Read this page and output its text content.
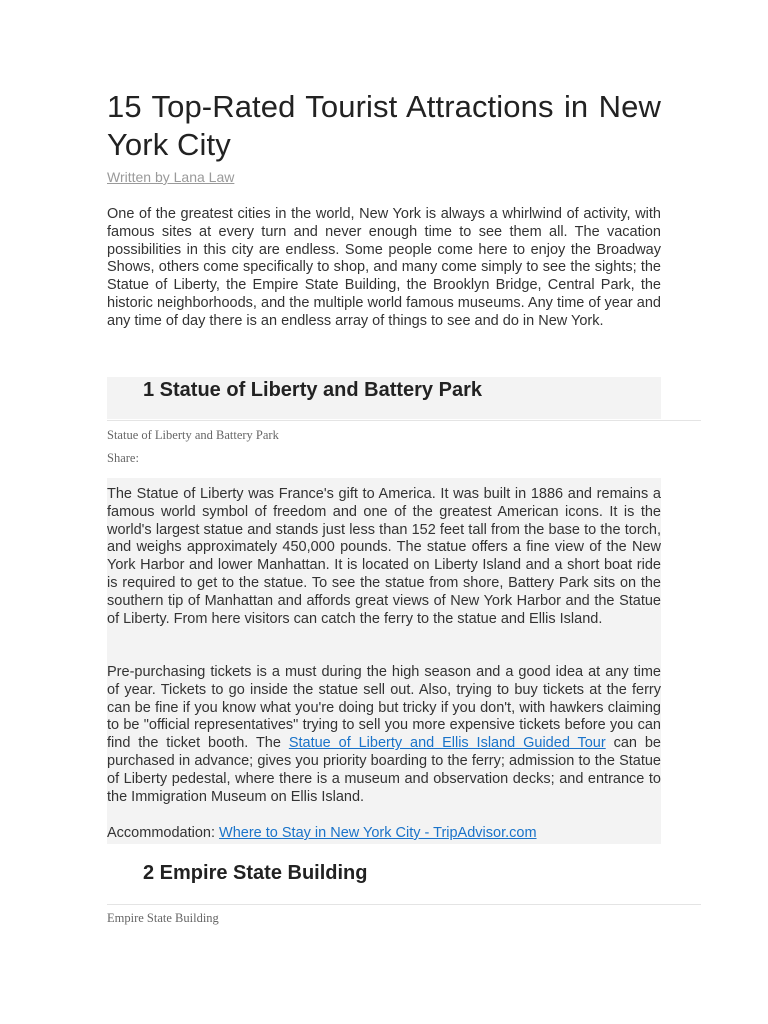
15 Top-Rated Tourist Attractions in New York City

Written by Lana Law

One of the greatest cities in the world, New York is always a whirlwind of activity, with famous sites at every turn and never enough time to see them all. The vacation possibilities in this city are endless. Some people come here to enjoy the Broadway Shows, others come specifically to shop, and many come simply to see the sights; the Statue of Liberty, the Empire State Building, the Brooklyn Bridge, Central Park, the historic neighborhoods, and the multiple world famous museums. Any time of year and any time of day there is an endless array of things to see and do in New York.

1 Statue of Liberty and Battery Park

Statue of Liberty and Battery Park

Share:

The Statue of Liberty was France's gift to America. It was built in 1886 and remains a famous world symbol of freedom and one of the greatest American icons. It is the world's largest statue and stands just less than 152 feet tall from the base to the torch, and weighs approximately 450,000 pounds. The statue offers a fine view of the New York Harbor and lower Manhattan. It is located on Liberty Island and a short boat ride is required to get to the statue. To see the statue from shore, Battery Park sits on the southern tip of Manhattan and affords great views of New York Harbor and the Statue of Liberty. From here visitors can catch the ferry to the statue and Ellis Island.

Pre-purchasing tickets is a must during the high season and a good idea at any time of year. Tickets to go inside the statue sell out. Also, trying to buy tickets at the ferry can be fine if you know what you're doing but tricky if you don't, with hawkers claiming to be "official representatives" trying to sell you more expensive tickets before you can find the ticket booth. The Statue of Liberty and Ellis Island Guided Tour can be purchased in advance; gives you priority boarding to the ferry; admission to the Statue of Liberty pedestal, where there is a museum and observation decks; and entrance to the Immigration Museum on Ellis Island.

Accommodation: Where to Stay in New York City - TripAdvisor.com

2 Empire State Building

Empire State Building
